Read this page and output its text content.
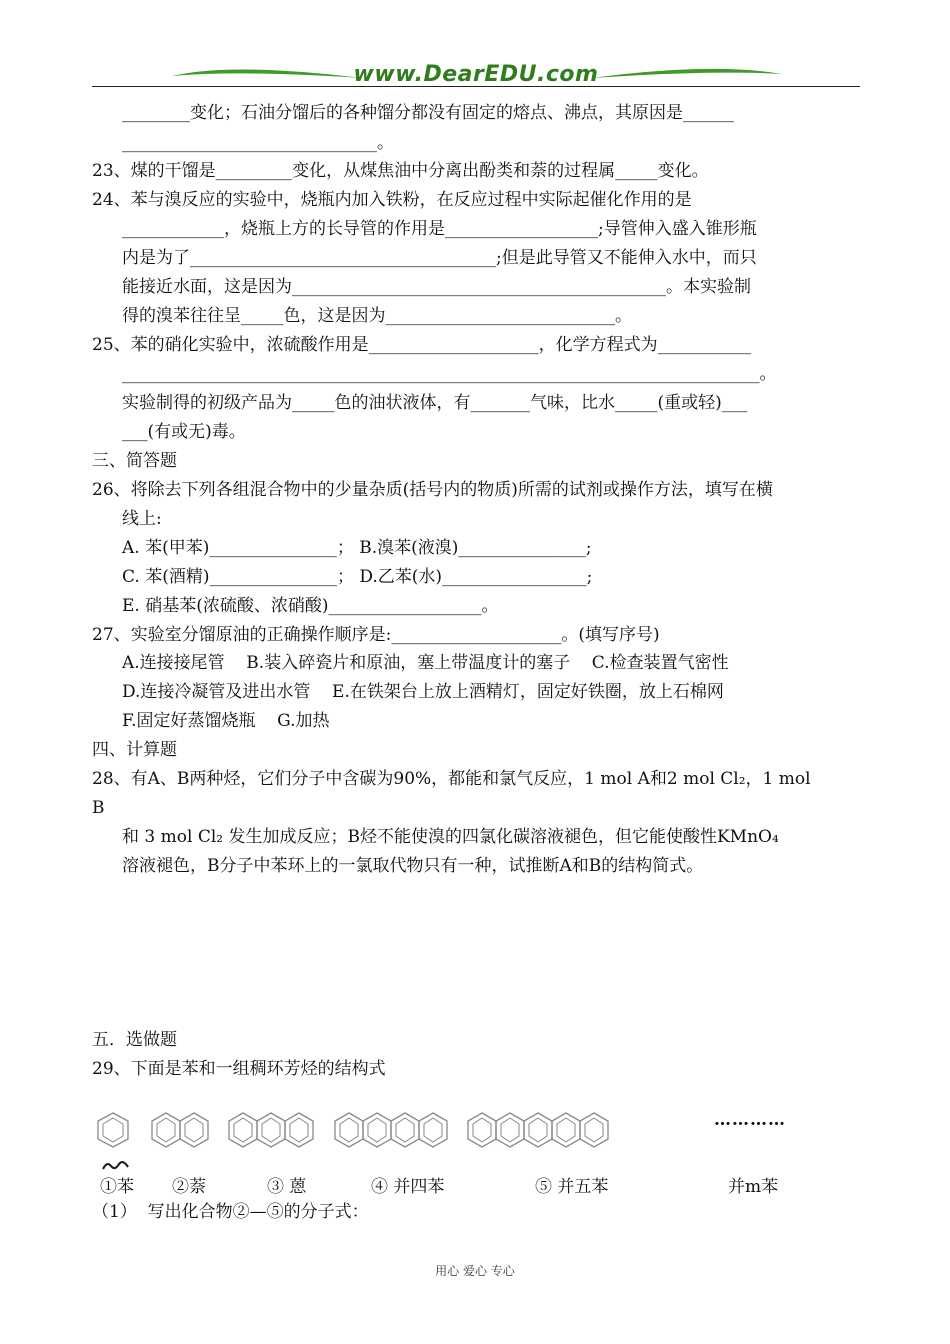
www.DearEDU.com
________变化；石油分馏后的各种馏分都没有固定的熔点、沸点，其原因是______
______________________________。
23、煤的干馏是_________变化，从煤焦油中分离出酚类和萘的过程属_____变化。
24、苯与溴反应的实验中，烧瓶内加入铁粉，在反应过程中实际起催化作用的是
____________，烧瓶上方的长导管的作用是__________________;导管伸入盛入锥形瓶
内是为了____________________________________;但是此导管又不能伸入水中，而只
能接近水面，这是因为____________________________________________。本实验制
得的溴苯往往呈_____色，这是因为___________________________。
25、苯的硝化实验中，浓硫酸作用是____________________，化学方程式为___________
___________________________________________________________________________。
实验制得的初级产品为_____色的油状液体，有_______气味，比水_____(重或轻)___
___(有或无)毒。
三、简答题
26、将除去下列各组混合物中的少量杂质(括号内的物质)所需的试剂或操作方法，填写在横
线上:
A. 苯(甲苯)_______________； B.溴苯(液溴)_______________;
C. 苯(酒精)_______________； D.乙苯(水)_________________;
E. 硝基苯(浓硫酸、浓硝酸)__________________。
27、实验室分馏原油的正确操作顺序是:____________________。(填写序号)
A.连接接尾管    B.装入碎瓷片和原油，塞上带温度计的塞子    C.检查装置气密性
D.连接冷凝管及进出水管    E.在铁架台上放上酒精灯，固定好铁圈，放上石棉网
F.固定好蒸馏烧瓶    G.加热
四、计算题
28、有A、B两种烃，它们分子中含碳为90%，都能和氯气反应，1 mol A和2 mol Cl₂，1 mol
B
和 3 mol Cl₂ 发生加成反应；B烃不能使溴的四氯化碳溶液褪色，但它能使酸性KMnO₄
溶液褪色，B分子中苯环上的一氯取代物只有一种，试推断A和B的结构简式。
五．选做题
29、下面是苯和一组稠环芳烃的结构式
…………
①苯 ②萘	③ 蒽	④ 并四苯	⑤ 并五苯	并m苯
（1）  写出化合物②—⑤的分子式：
用心 爱心 专心
